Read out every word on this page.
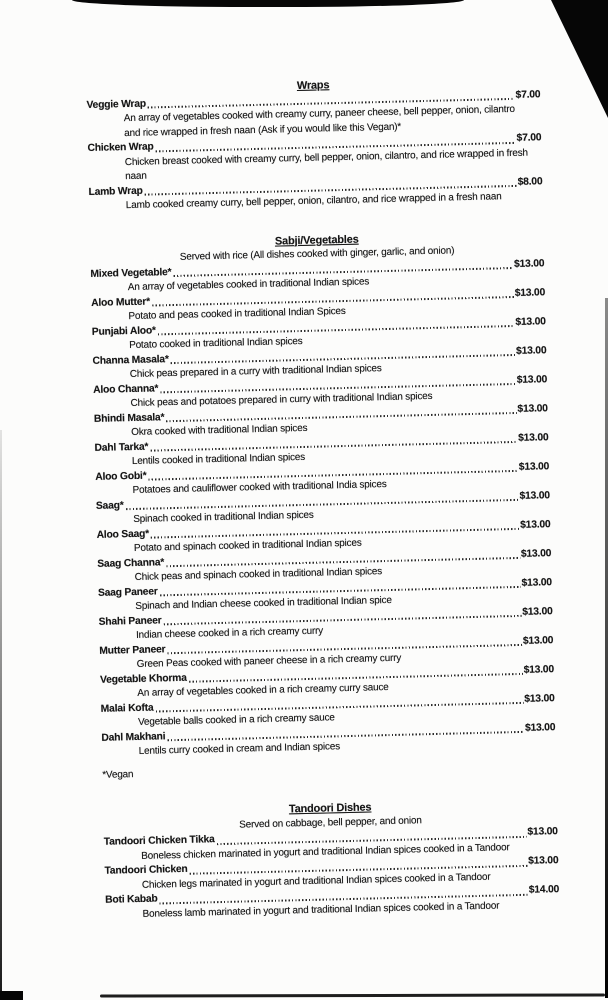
Wraps
Veggie Wrap
$7.00
An array of vegetables cooked with creamy curry, paneer cheese, bell pepper, onion, cilantro
and rice wrapped in fresh naan (Ask if you would like this Vegan)*
Chicken Wrap
$7.00
Chicken breast cooked with creamy curry, bell pepper, onion, cilantro, and rice wrapped in fresh
naan
Lamb Wrap
$8.00
Lamb cooked creamy curry, bell pepper, onion, cilantro, and rice wrapped in a fresh naan
Sabji/Vegetables
Served with rice (All dishes cooked with ginger, garlic, and onion)
Mixed Vegetable*
$13.00
An array of vegetables cooked in traditional Indian spices
Aloo Mutter*
$13.00
Potato and peas cooked in traditional Indian Spices
Punjabi Aloo*
$13.00
Potato cooked in traditional Indian spices
Channa Masala*
$13.00
Chick peas prepared in a curry with traditional Indian spices
Aloo Channa*
$13.00
Chick peas and potatoes prepared in curry with traditional Indian spices
Bhindi Masala*
$13.00
Okra cooked with traditional Indian spices
Dahl Tarka*
$13.00
Lentils cooked in traditional Indian spices
Aloo Gobi*
$13.00
Potatoes and cauliflower cooked with traditional India spices
Saag*
$13.00
Spinach cooked in traditional Indian spices
Aloo Saag*
$13.00
Potato and spinach cooked in traditional Indian spices
Saag Channa*
$13.00
Chick peas and spinach cooked in traditional Indian spices
Saag Paneer
$13.00
Spinach and Indian cheese cooked in traditional Indian spice
Shahi Paneer
$13.00
Indian cheese cooked in a rich creamy curry
Mutter Paneer
$13.00
Green Peas cooked with paneer cheese in a rich creamy curry
Vegetable Khorma
$13.00
An array of vegetables cooked in a rich creamy curry sauce
Malai Kofta
$13.00
Vegetable balls cooked in a rich creamy sauce
Dahl Makhani
$13.00
Lentils curry cooked in cream and Indian spices
*Vegan
Tandoori Dishes
Served on cabbage, bell pepper, and onion
Tandoori Chicken Tikka
$13.00
Boneless chicken marinated in yogurt and traditional Indian spices cooked in a Tandoor
Tandoori Chicken
$13.00
Chicken legs marinated in yogurt and traditional Indian spices cooked in a Tandoor
Boti Kabab
$14.00
Boneless lamb marinated in yogurt and traditional Indian spices cooked in a Tandoor
